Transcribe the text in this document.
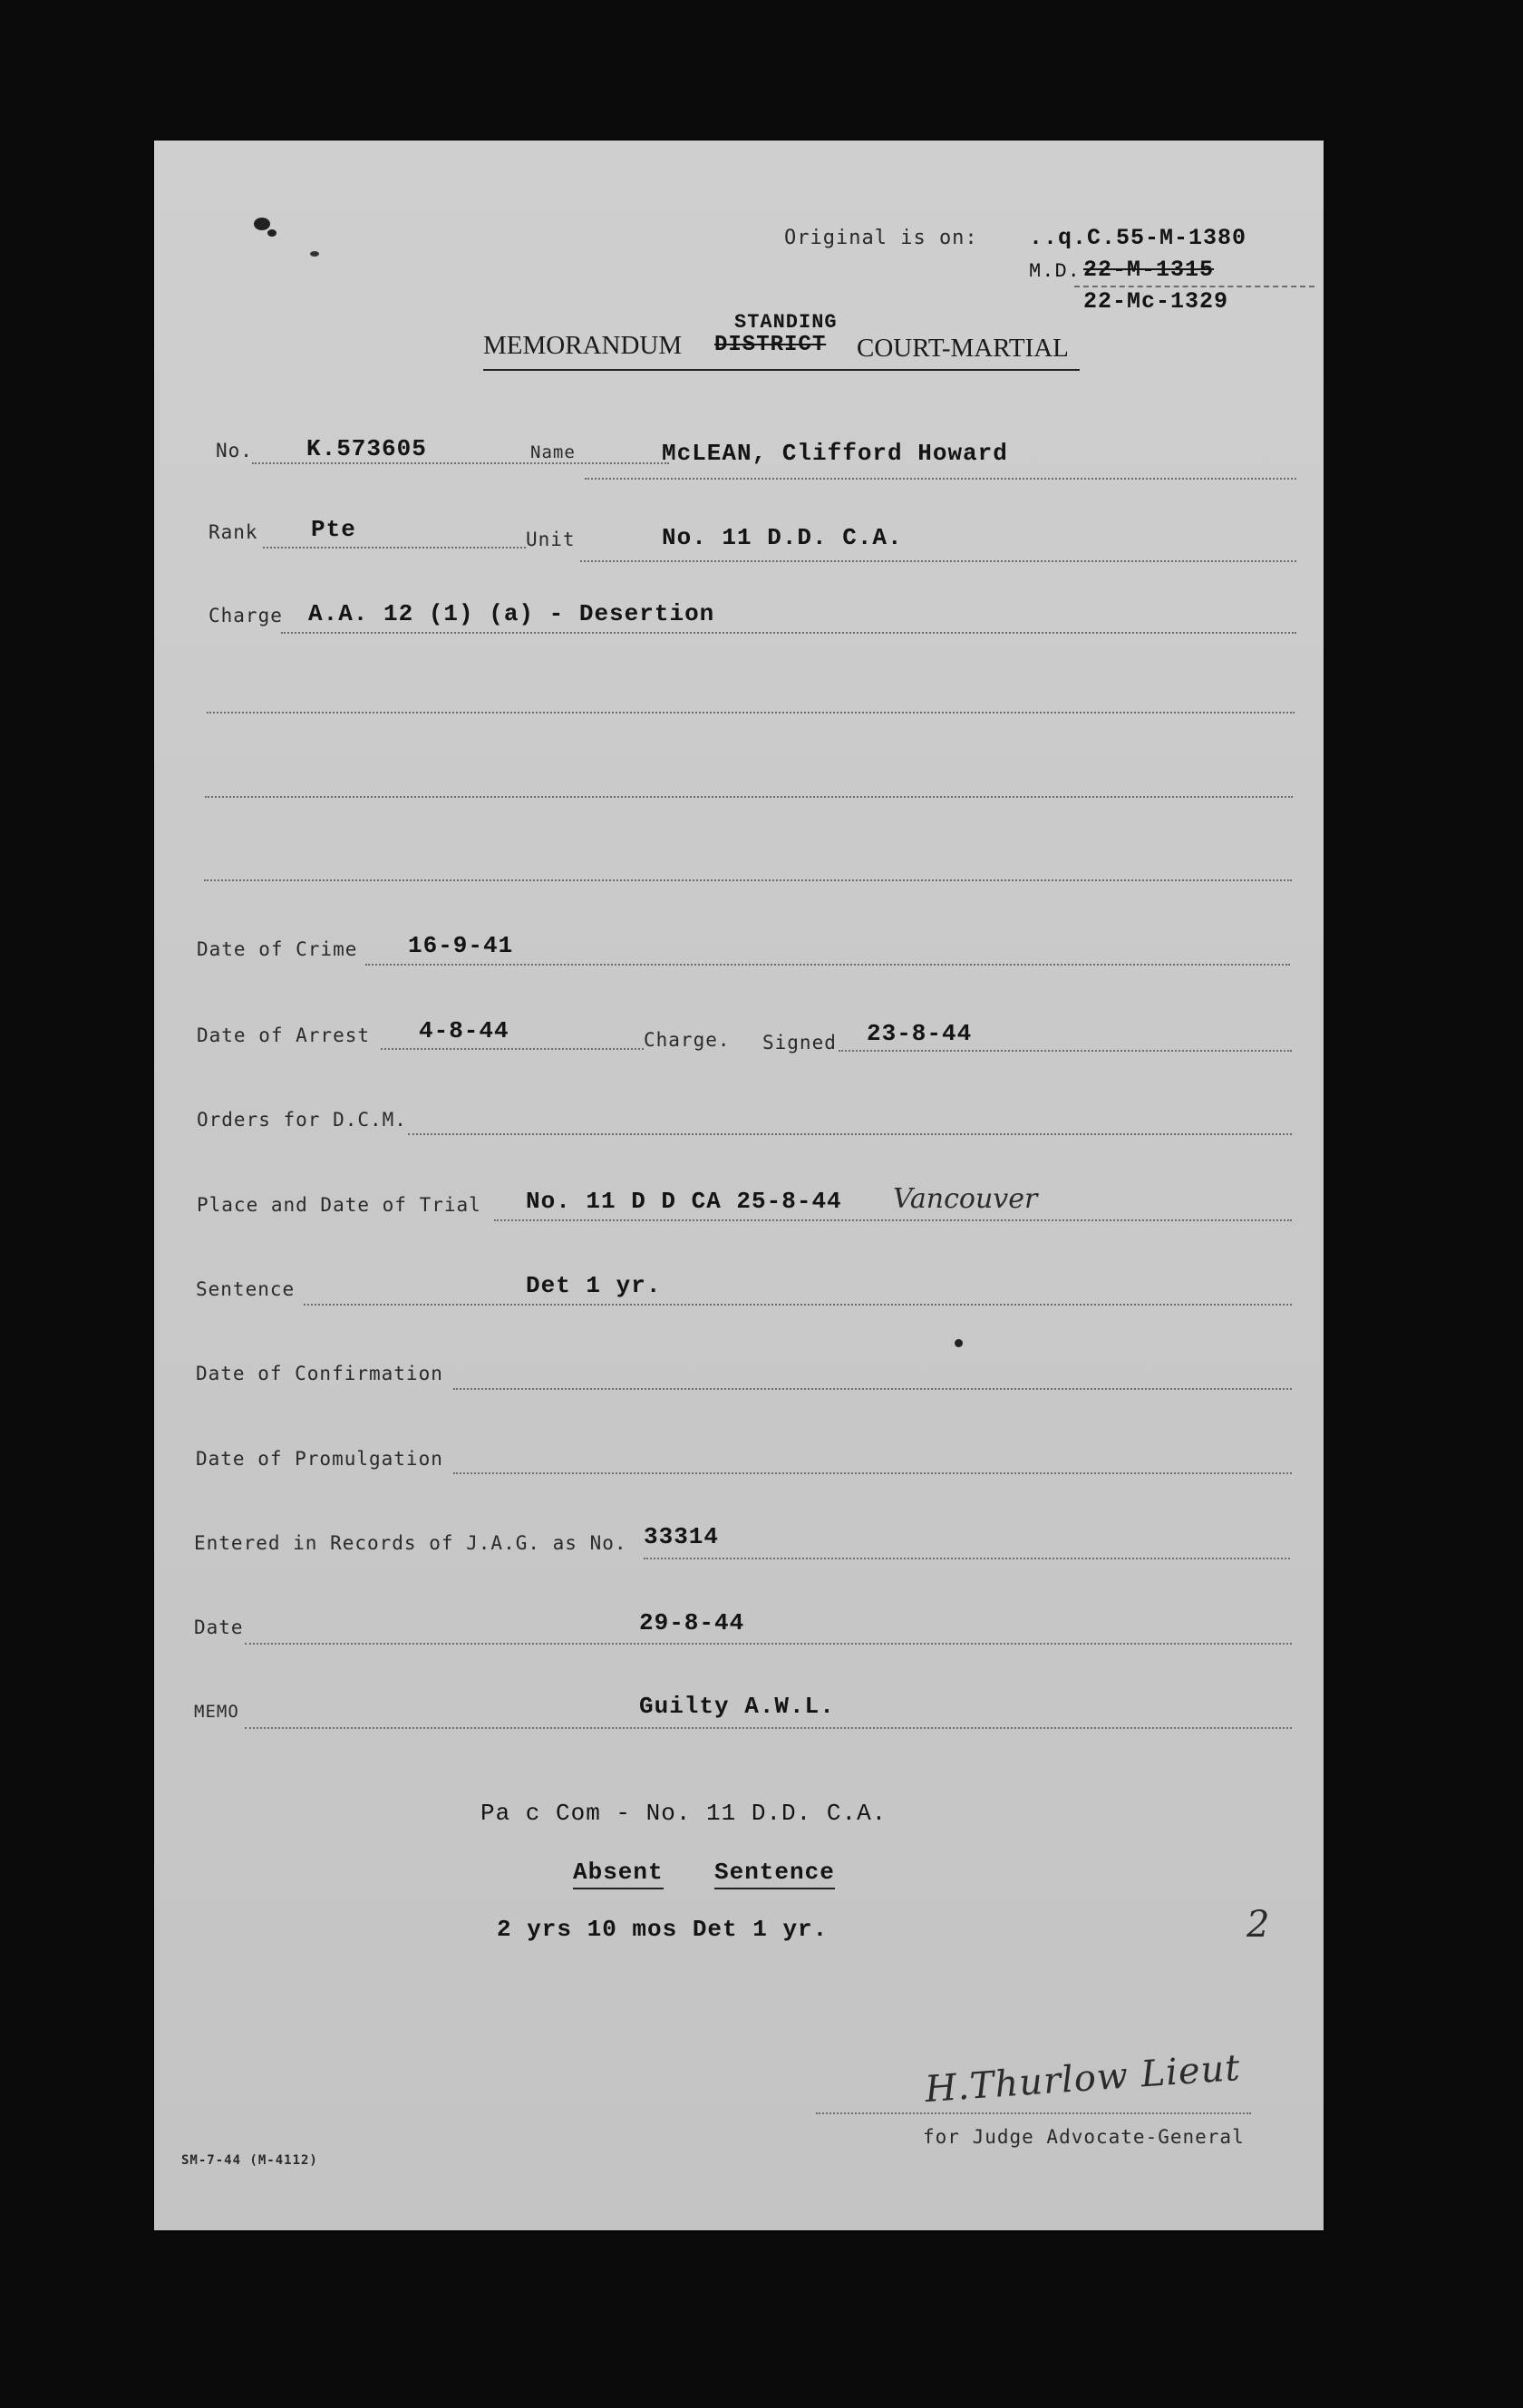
Original is on: ..q.C.55-M-1380
M.D. 22-M-1315
22-Mc-1329
STANDING
MEMORANDUM DISTRICT COURT-MARTIAL
No. K.573605	Name	McLEAN, Clifford Howard
Rank Pte	Unit	No. 11 D.D. C.A.
Charge A.A. 12 (1) (a) - Desertion
Date of Crime 16-9-41
Date of Arrest 4-8-44	Charge. Signed 23-8-44
Orders for D.C.M.
Place and Date of Trial No. 11 D D CA 25-8-44 Vancouver
Sentence	Det 1 yr.
Date of Confirmation
Date of Promulgation
Entered in Records of J.A.G. as No. 33314
Date	29-8-44
MEMO	Guilty A.W.L.
Pa c Com - No. 11 D.D. C.A.
Absent Sentence
2 yrs 10 mos Det 1 yr.	2
H.Thurlow Lieut
for Judge Advocate-General
SM-7-44 (M-4112)
